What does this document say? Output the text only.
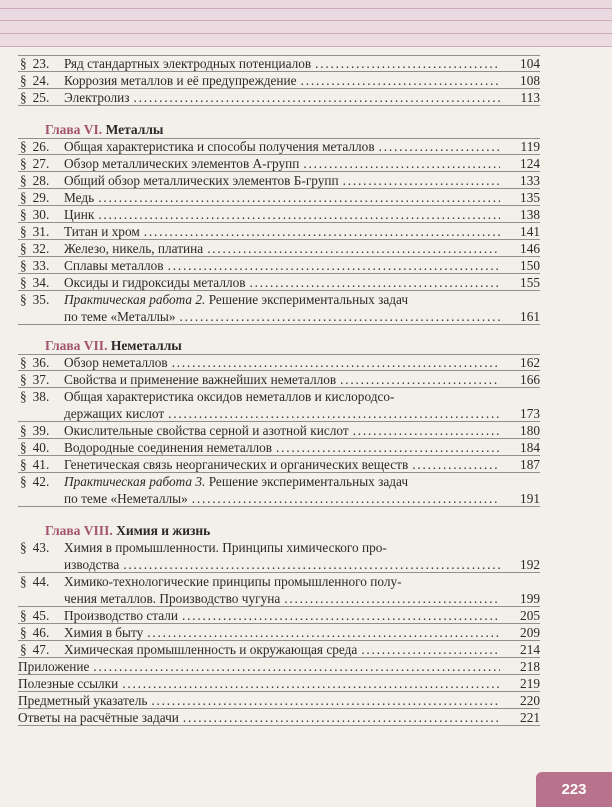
§ 23.	Ряд стандартных электродных потенциалов .....	104
§ 24.	Коррозия металлов и её предупреждение .....	108
§ 25.	Электролиз .....	113
Глава VI. Металлы
§ 26.	Общая характеристика и способы получения металлов .....	119
§ 27.	Обзор металлических элементов А-групп .....	124
§ 28.	Общий обзор металлических элементов Б-групп .....	133
§ 29.	Медь .....	135
§ 30.	Цинк .....	138
§ 31.	Титан и хром .....	141
§ 32.	Железо, никель, платина .....	146
§ 33.	Сплавы металлов .....	150
§ 34.	Оксиды и гидроксиды металлов .....	155
§ 35.	Практическая работа 2. Решение экспериментальных задач
по теме «Металлы» .....	161
Глава VII. Неметаллы
§ 36.	Обзор неметаллов .....	162
§ 37.	Свойства и применение важнейших неметаллов .....	166
§ 38.	Общая характеристика оксидов неметаллов и кислородсо-
держащих кислот .....	173
§ 39.	Окислительные свойства серной и азотной кислот .....	180
§ 40.	Водородные соединения неметаллов .....	184
§ 41.	Генетическая связь неорганических и органических веществ .....	187
§ 42.	Практическая работа 3. Решение экспериментальных задач
по теме «Неметаллы» .....	191
Глава VIII. Химия и жизнь
§ 43.	Химия в промышленности. Принципы химического про-
изводства .....	192
§ 44.	Химико-технологические принципы промышленного полу-
чения металлов. Производство чугуна .....	199
§ 45.	Производство стали .....	205
§ 46.	Химия в быту .....	209
§ 47.	Химическая промышленность и окружающая среда .....	214
Приложение .....	218
Полезные ссылки .....	219
Предметный указатель .....	220
Ответы на расчётные задачи .....	221
223
